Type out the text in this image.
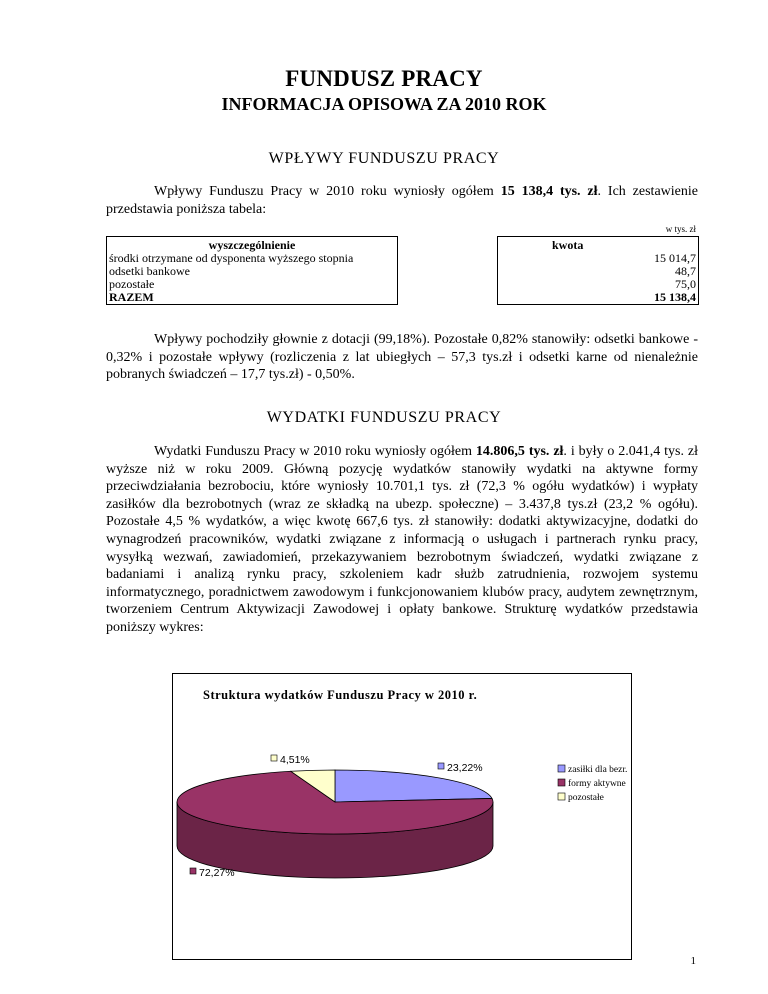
FUNDUSZ PRACY
INFORMACJA OPISOWA ZA 2010 ROK
WPŁYWY FUNDUSZU PRACY
Wpływy Funduszu Pracy w 2010 roku wyniosły ogółem 15 138,4 tys. zł. Ich zestawienie przedstawia poniższa tabela:
w tys. zł
wyszczególnienie		kwota
środki otrzymane od dysponenta wyższego stopnia		15 014,7
odsetki bankowe		48,7
pozostałe		75,0
RAZEM		15 138,4
Wpływy pochodziły głownie z dotacji (99,18%). Pozostałe 0,82% stanowiły: odsetki bankowe - 0,32% i pozostałe wpływy (rozliczenia z lat ubiegłych – 57,3 tys.zł i odsetki karne od nienależnie pobranych świadczeń – 17,7 tys.zł) - 0,50%.
WYDATKI FUNDUSZU PRACY
Wydatki Funduszu Pracy w 2010 roku wyniosły ogółem 14.806,5 tys. zł. i były o 2.041,4 tys. zł wyższe niż w roku 2009. Główną pozycję wydatków stanowiły wydatki na aktywne formy przeciwdziałania bezrobociu, które wyniosły 10.701,1 tys. zł (72,3 % ogółu wydatków) i wypłaty zasiłków dla bezrobotnych (wraz ze składką na ubezp. społeczne) – 3.437,8 tys.zł (23,2 % ogółu). Pozostałe 4,5 % wydatków, a więc kwotę 667,6 tys. zł stanowiły: dodatki aktywizacyjne, dodatki do wynagrodzeń pracowników, wydatki związane z informacją o usługach i partnerach rynku pracy, wysyłką wezwań, zawiadomień, przekazywaniem bezrobotnym świadczeń, wydatki związane z badaniami i analizą rynku pracy, szkoleniem kadr służb zatrudnienia, rozwojem systemu informatycznego, poradnictwem zawodowym i funkcjonowaniem klubów pracy, audytem zewnętrznym, tworzeniem Centrum Aktywizacji Zawodowej i opłaty bankowe. Strukturę wydatków przedstawia poniższy wykres:
Struktura wydatków Funduszu Pracy w 2010 r.
23,22%
72,27%
4,51%
zasiłki dla bezr.
formy aktywne
pozostałe
1
